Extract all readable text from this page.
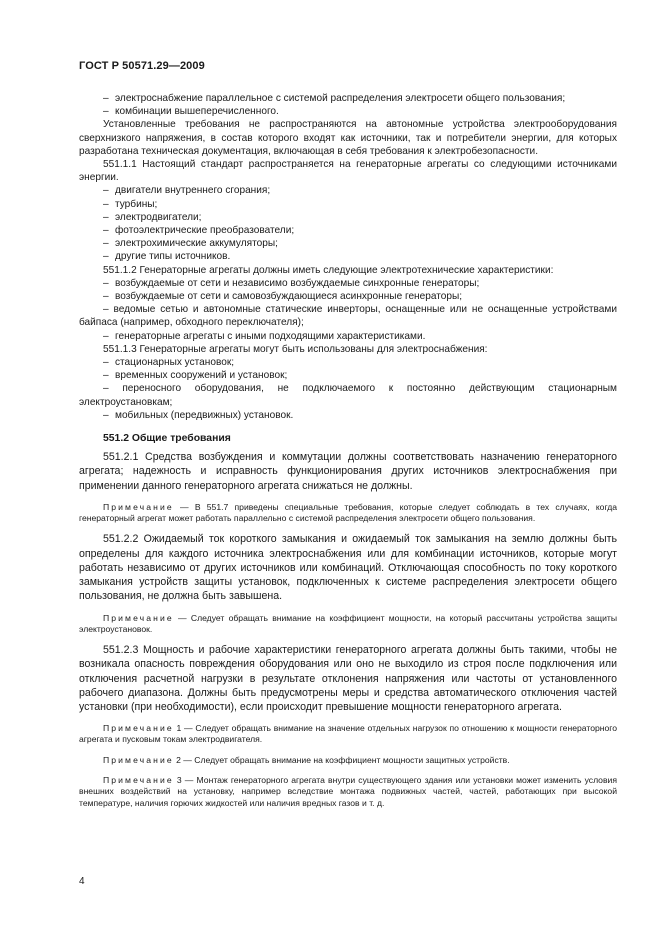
ГОСТ Р 50571.29—2009

– электроснабжение параллельное с системой распределения электросети общего пользования;

– комбинации вышеперечисленного.

Установленные требования не распространяются на автономные устройства электрооборудования сверхнизкого напряжения, в состав которого входят как источники, так и потребители энергии, для которых разработана техническая документация, включающая в себя требования к электробезопасности.

551.1.1 Настоящий стандарт распространяется на генераторные агрегаты со следующими источниками энергии.

– двигатели внутреннего сгорания;

– турбины;

– электродвигатели;

– фотоэлектрические преобразователи;

– электрохимические аккумуляторы;

– другие типы источников.

551.1.2 Генераторные агрегаты должны иметь следующие электротехнические характеристики:

– возбуждаемые от сети и независимо возбуждаемые синхронные генераторы;

– возбуждаемые от сети и самовозбуждающиеся асинхронные генераторы;

– ведомые сетью и автономные статические инверторы, оснащенные или не оснащенные устройствами байпаса (например, обходного переключателя);

– генераторные агрегаты с иными подходящими характеристиками.

551.1.3 Генераторные агрегаты могут быть использованы для электроснабжения:

– стационарных установок;

– временных сооружений и установок;

– переносного оборудования, не подключаемого к постоянно действующим стационарным электроустановкам;

– мобильных (передвижных) установок.

551.2 Общие требования

551.2.1 Средства возбуждения и коммутации должны соответствовать назначению генераторного агрегата; надежность и исправность функционирования других источников электроснабжения при применении данного генераторного агрегата снижаться не должны.

Примечание — В 551.7 приведены специальные требования, которые следует соблюдать в тех случаях, когда генераторный агрегат может работать параллельно с системой распределения электросети общего пользования.

551.2.2 Ожидаемый ток короткого замыкания и ожидаемый ток замыкания на землю должны быть определены для каждого источника электроснабжения или для комбинации источников, которые могут работать независимо от других источников или комбинаций. Отключающая способность по току короткого замыкания устройств защиты установок, подключенных к системе распределения электросети общего пользования, не должна быть завышена.

Примечание — Следует обращать внимание на коэффициент мощности, на который рассчитаны устройства защиты электроустановок.

551.2.3 Мощность и рабочие характеристики генераторного агрегата должны быть такими, чтобы не возникала опасность повреждения оборудования или оно не выходило из строя после подключения или отключения расчетной нагрузки в результате отклонения напряжения или частоты от установленного рабочего диапазона. Должны быть предусмотрены меры и средства автоматического отключения частей установки (при необходимости), если происходит превышение мощности генераторного агрегата.

Примечание 1 — Следует обращать внимание на значение отдельных нагрузок по отношению к мощности генераторного агрегата и пусковым токам электродвигателя.

Примечание 2 — Следует обращать внимание на коэффициент мощности защитных устройств.

Примечание 3 — Монтаж генераторного агрегата внутри существующего здания или установки может изменить условия внешних воздействий на установку, например вследствие монтажа подвижных частей, частей, работающих при высокой температуре, наличия горючих жидкостей или наличия вредных газов и т. д.

4
